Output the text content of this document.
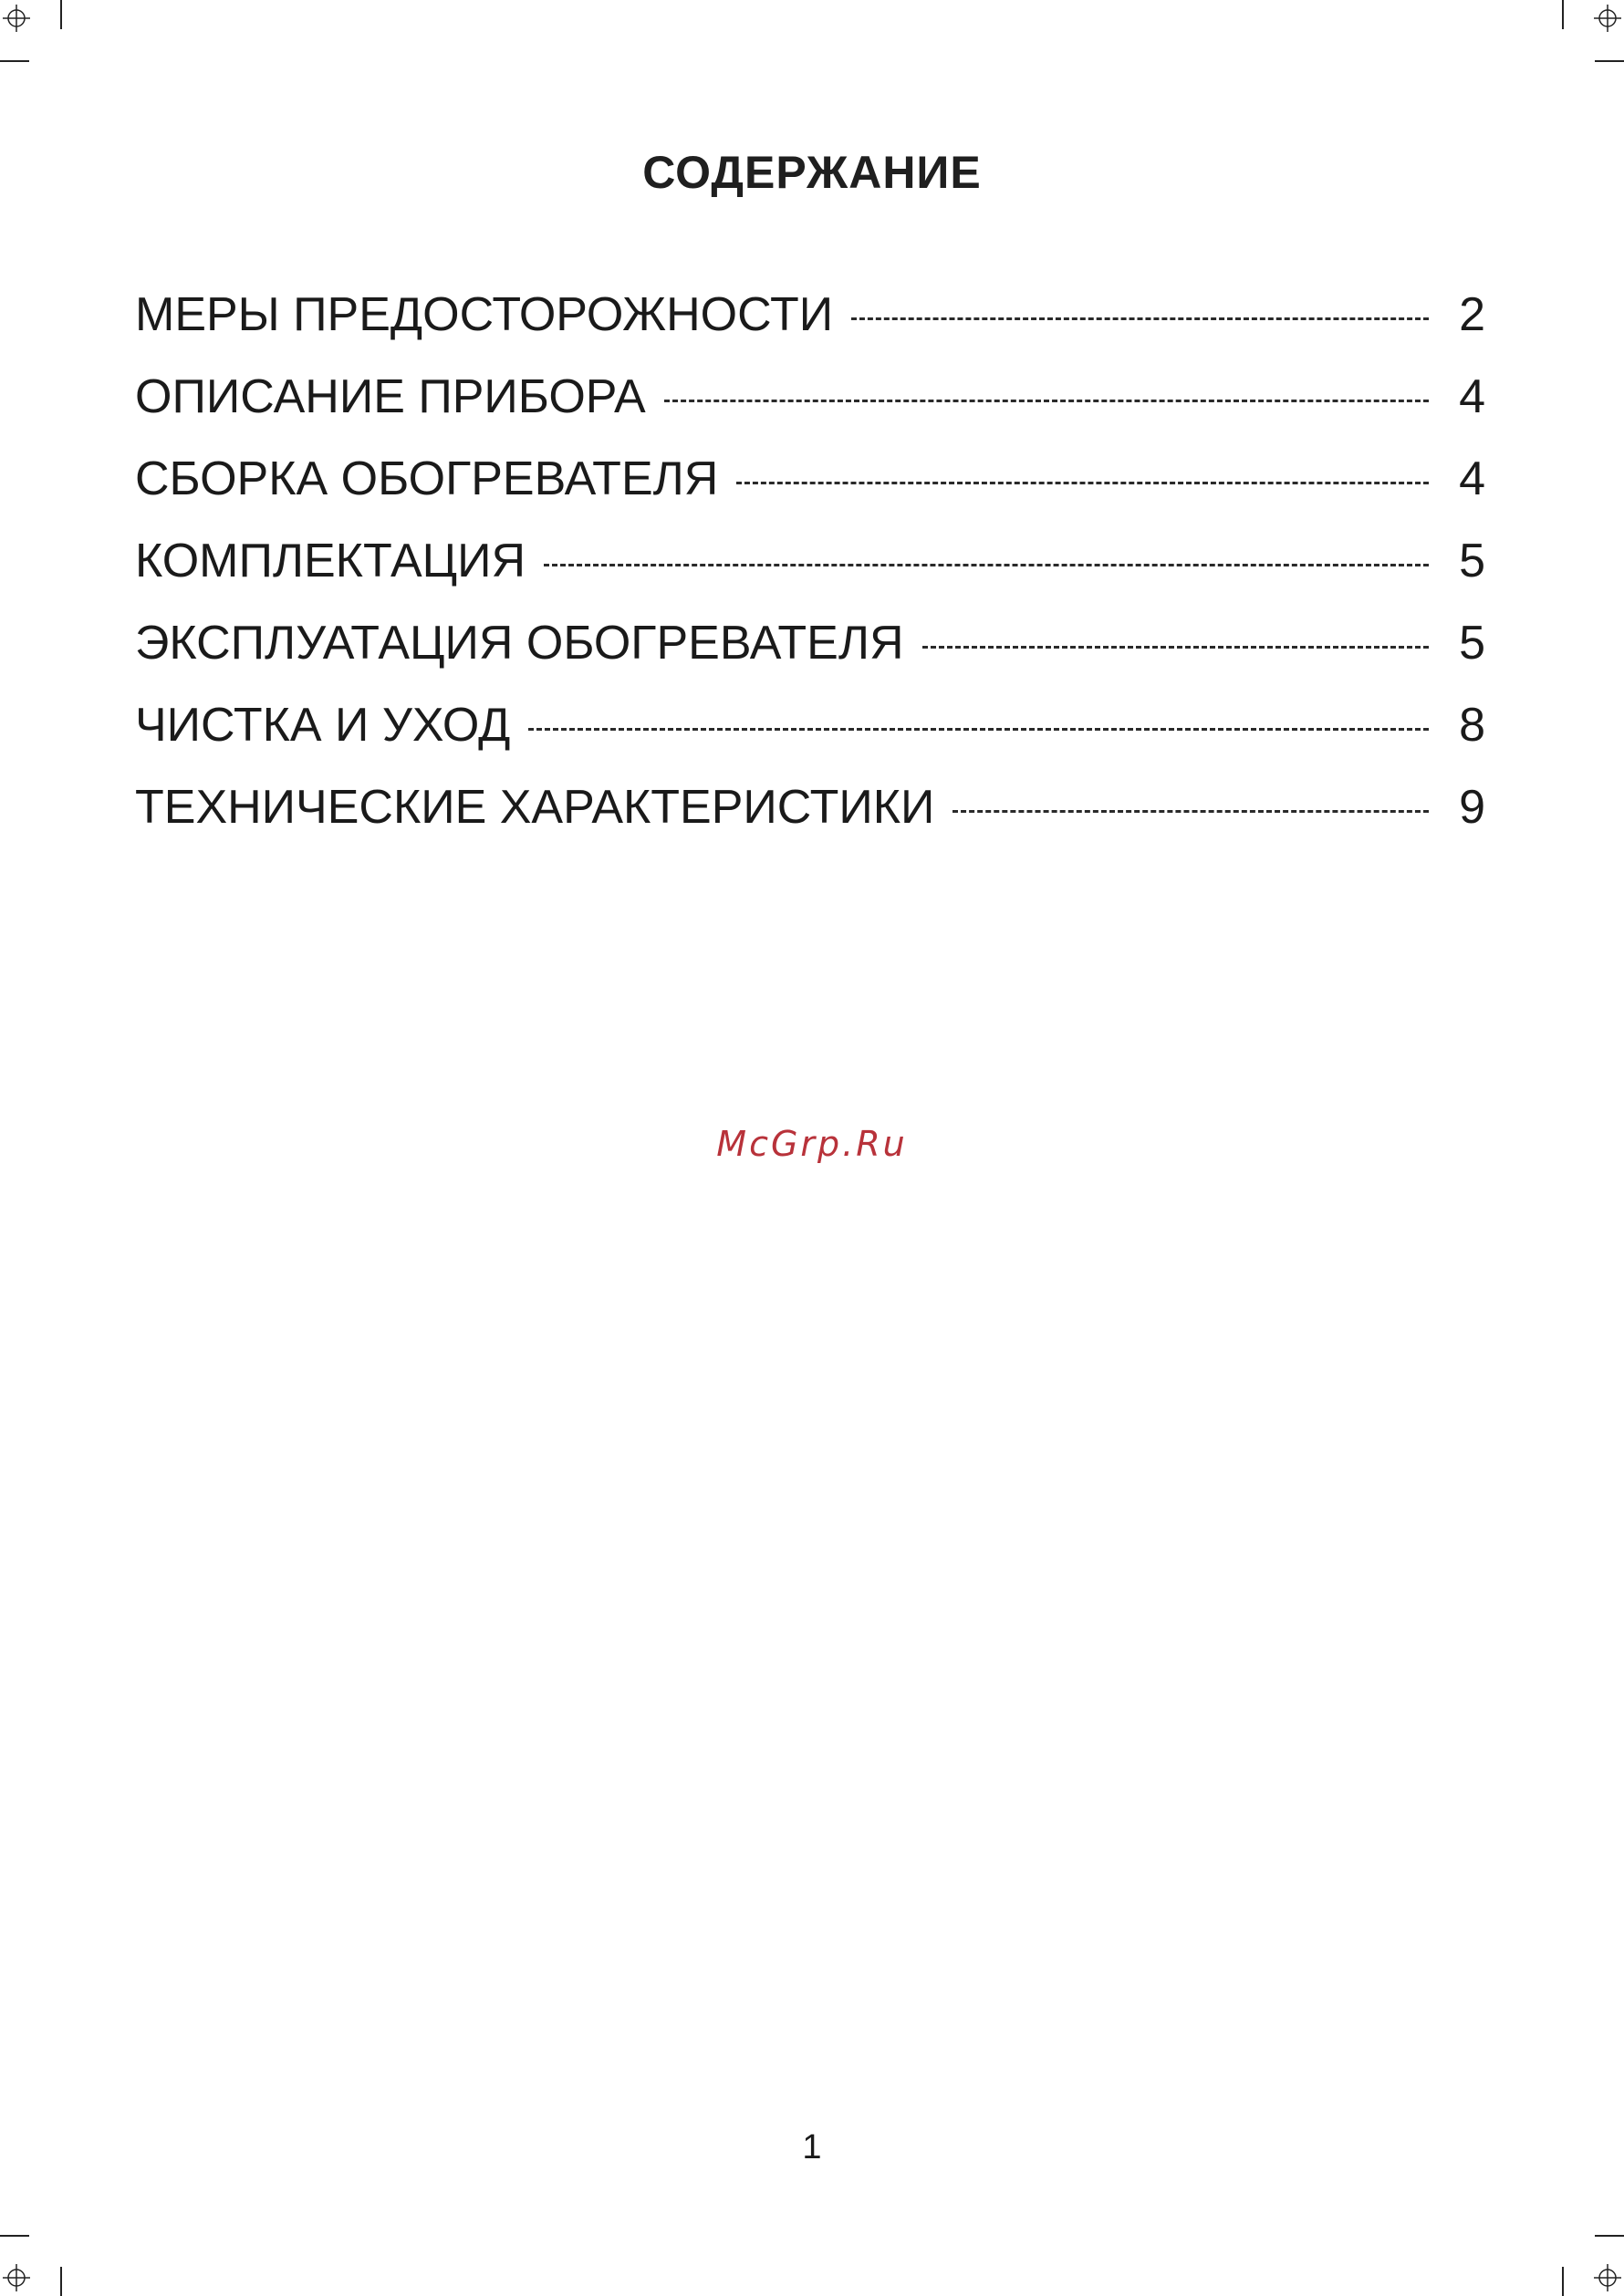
СОДЕРЖАНИЕ
МЕРЫ ПРЕДОСТОРОЖНОСТИ	2
ОПИСАНИЕ ПРИБОРА	4
СБОРКА ОБОГРЕВАТЕЛЯ	4
КОМПЛЕКТАЦИЯ	5
ЭКСПЛУАТАЦИЯ ОБОГРЕВАТЕЛЯ	5
ЧИСТКА И УХОД	8
ТЕХНИЧЕСКИЕ ХАРАКТЕРИСТИКИ	9
McGrp.Ru
1
